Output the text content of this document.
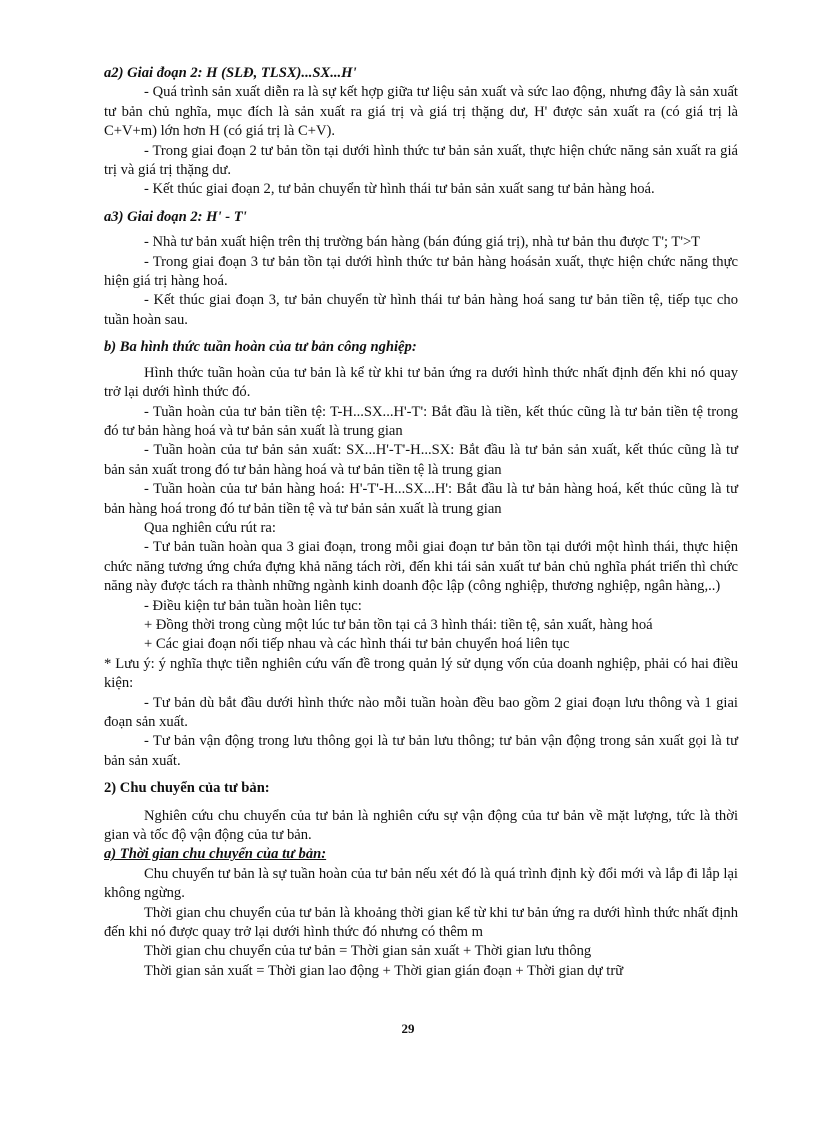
a2) Giai đoạn 2: H (SLĐ, TLSX)...SX...H'

- Quá trình sản xuất diễn ra là sự kết hợp giữa tư liệu sản xuất và sức lao động, nhưng đây là sản xuất tư bản chủ nghĩa, mục đích là sản xuất ra giá trị và giá trị thặng dư, H' được sản xuất ra (có giá trị là C+V+m) lớn hơn H (có giá trị là C+V).

- Trong giai đoạn 2 tư bản tồn tại dưới hình thức tư bản sản xuất, thực hiện chức năng sản xuất ra giá trị và giá trị thặng dư.

- Kết thúc giai đoạn 2, tư bản chuyển từ hình thái tư bản sản xuất sang tư bản hàng hoá.

a3) Giai đoạn 2: H' - T'

- Nhà tư bản xuất hiện trên thị trường bán hàng (bán đúng giá trị), nhà tư bản thu được T'; T'>T

- Trong giai đoạn 3 tư bản tồn tại dưới hình thức tư bản hàng hoásản xuất, thực hiện chức năng thực hiện giá trị hàng hoá.

- Kết thúc giai đoạn 3, tư bản chuyển từ hình thái tư bản hàng hoá sang tư bản tiền tệ, tiếp tục cho tuần hoàn sau.

b) Ba hình thức tuần hoàn của tư bản công nghiệp:

Hình thức tuần hoàn của tư bản là kể từ khi tư bản ứng ra dưới hình thức nhất định đến khi nó quay trở lại dưới hình thức đó.

- Tuần hoàn của tư bản tiền tệ: T-H...SX...H'-T': Bắt đầu là tiền, kết thúc cũng là tư bản tiền tệ trong đó tư bản hàng hoá và tư bản sản xuất là trung gian

- Tuần hoàn của tư bản sản xuất: SX...H'-T'-H...SX: Bắt đầu là tư bản sản xuất, kết thúc cũng là tư bản sản xuất trong đó tư bản hàng hoá và tư bản tiền tệ là trung gian

- Tuần hoàn của tư bản hàng hoá: H'-T'-H...SX...H': Bắt đầu là tư bản hàng hoá, kết thúc cũng là tư bản hàng hoá trong đó tư bản tiền tệ và tư bản sản xuất là trung gian

Qua nghiên cứu rút ra:

- Tư bản tuần hoàn qua 3 giai đoạn, trong mỗi giai đoạn tư bản tồn tại dưới một hình thái, thực hiện chức năng tương ứng chứa đựng khả năng tách rời, đến khi tái sản xuất tư bản chủ nghĩa phát triển thì chức năng này được tách ra thành những ngành kinh doanh độc lập (công nghiệp, thương nghiệp, ngân hàng,..)

- Điều kiện tư bản tuần hoàn liên tục:

+ Đồng thời trong cùng một lúc tư bản tồn tại cả 3 hình thái: tiền tệ, sản xuất, hàng hoá

+ Các giai đoạn nối tiếp nhau và các hình thái tư bản chuyển hoá liên tục

* Lưu ý: ý nghĩa thực tiễn nghiên cứu vấn đề trong quản lý sử dụng vốn của doanh nghiệp, phải có hai điều kiện:

- Tư bản dù bắt đầu dưới hình thức nào mỗi tuần hoàn đều bao gồm 2 giai đoạn lưu thông và 1 giai đoạn sản xuất.

- Tư bản vận động trong lưu thông gọi là tư bản lưu thông; tư bản vận động trong sản xuất gọi là tư bản sản xuất.

2) Chu chuyển của tư bản:

Nghiên cứu chu chuyển của tư bản là nghiên cứu sự vận động của tư bản về mặt lượng, tức là thời gian và tốc độ vận động của tư bản.

a) Thời gian chu chuyển của tư bản:

Chu chuyển tư bản là sự tuần hoàn của tư bản nếu xét đó là quá trình định kỳ đổi mới và lắp đi lắp lại không ngừng.

Thời gian chu chuyển của tư bản là khoảng thời gian kể từ khi tư bản ứng ra dưới hình thức nhất định đến khi nó được quay trở lại dưới hình thức đó nhưng có thêm m

Thời gian chu chuyển của tư bản = Thời gian sản xuất + Thời gian lưu thông

Thời gian sản xuất = Thời gian lao động + Thời gian gián đoạn + Thời gian dự trữ

29
